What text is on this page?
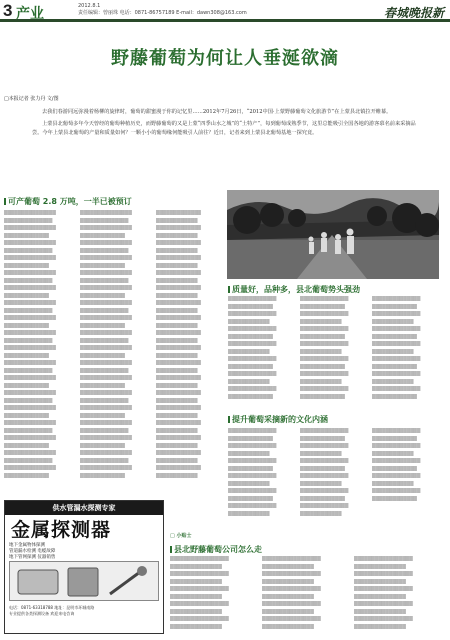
3 产业	2012.8.1
责任编辑：曾丽珠 电话：0871-86757189 E-mail：dawn308@163.com	春城晚报新
野藤葡萄为何让人垂涎欲滴
□本报记者 张力丹 文/图

去我们春游同远弥漫着杨柳的旋律时，葡萄的甜蜜漫于你的记忆里……2012年7月26日，“2012中国·上蒙野藤葡萄文化旅游节”在上蒙县北镇拉开帷幕。

上蒙县北葡萄多年今天曾经的葡萄种植历史，而野藤葡萄的又是上蒙“四季山水之城”的“土特产”，每到葡萄成熟季节，这里总能吸引全国各地的游客慕名前来采摘品尝。今年上蒙县北葡萄的产量和质量如何？一颗小小的葡萄缘何能吸引人前往？近日，记者来到上蒙县北葡萄基地一探究竟。

可产葡萄 2.8 万吨，一半已被预订
▒▒▒▒▒▒▒▒▒▒▒▒▒▒▒ ▒▒▒▒▒▒▒▒▒▒▒▒▒▒ ▒▒▒▒▒▒▒▒▒▒▒▒▒▒▒ ▒▒▒▒▒▒▒▒▒▒▒▒▒ ▒▒▒▒▒▒▒▒▒▒▒▒▒▒▒ ▒▒▒▒▒▒▒▒▒▒▒▒▒▒ ▒▒▒▒▒▒▒▒▒▒▒▒▒▒▒ ▒▒▒▒▒▒▒▒▒▒▒▒▒ ▒▒▒▒▒▒▒▒▒▒▒▒▒▒▒ ▒▒▒▒▒▒▒▒▒▒▒▒▒▒ ▒▒▒▒▒▒▒▒▒▒▒▒▒▒▒ ▒▒▒▒▒▒▒▒▒▒▒▒▒ ▒▒▒▒▒▒▒▒▒▒▒▒▒▒▒ ▒▒▒▒▒▒▒▒▒▒▒▒▒▒ ▒▒▒▒▒▒▒▒▒▒▒▒▒▒▒ ▒▒▒▒▒▒▒▒▒▒▒▒▒ ▒▒▒▒▒▒▒▒▒▒▒▒▒▒▒ ▒▒▒▒▒▒▒▒▒▒▒▒▒▒ ▒▒▒▒▒▒▒▒▒▒▒▒▒▒▒ ▒▒▒▒▒▒▒▒▒▒▒▒▒ ▒▒▒▒▒▒▒▒▒▒▒▒▒▒▒ ▒▒▒▒▒▒▒▒▒▒▒▒▒▒ ▒▒▒▒▒▒▒▒▒▒▒▒▒▒▒ ▒▒▒▒▒▒▒▒▒▒▒▒▒ ▒▒▒▒▒▒▒▒▒▒▒▒▒▒▒ ▒▒▒▒▒▒▒▒▒▒▒▒▒▒ ▒▒▒▒▒▒▒▒▒▒▒▒▒▒▒ ▒▒▒▒▒▒▒▒▒▒▒▒▒ ▒▒▒▒▒▒▒▒▒▒▒▒▒▒▒ ▒▒▒▒▒▒▒▒▒▒▒▒▒▒ ▒▒▒▒▒▒▒▒▒▒▒▒▒▒▒ ▒▒▒▒▒▒▒▒▒▒▒▒▒ ▒▒▒▒▒▒▒▒▒▒▒▒▒▒▒ ▒▒▒▒▒▒▒▒▒▒▒▒▒▒ ▒▒▒▒▒▒▒▒▒▒▒▒▒▒▒ ▒▒▒▒▒▒▒▒▒▒▒▒▒
▒▒▒▒▒▒▒▒▒▒▒▒▒▒▒ ▒▒▒▒▒▒▒▒▒▒▒▒▒▒ ▒▒▒▒▒▒▒▒▒▒▒▒▒▒▒ ▒▒▒▒▒▒▒▒▒▒▒▒▒ ▒▒▒▒▒▒▒▒▒▒▒▒▒▒▒ ▒▒▒▒▒▒▒▒▒▒▒▒▒▒ ▒▒▒▒▒▒▒▒▒▒▒▒▒▒▒ ▒▒▒▒▒▒▒▒▒▒▒▒▒ ▒▒▒▒▒▒▒▒▒▒▒▒▒▒▒ ▒▒▒▒▒▒▒▒▒▒▒▒▒▒ ▒▒▒▒▒▒▒▒▒▒▒▒▒▒▒ ▒▒▒▒▒▒▒▒▒▒▒▒▒ ▒▒▒▒▒▒▒▒▒▒▒▒▒▒▒ ▒▒▒▒▒▒▒▒▒▒▒▒▒▒ ▒▒▒▒▒▒▒▒▒▒▒▒▒▒▒ ▒▒▒▒▒▒▒▒▒▒▒▒▒ ▒▒▒▒▒▒▒▒▒▒▒▒▒▒▒ ▒▒▒▒▒▒▒▒▒▒▒▒▒▒ ▒▒▒▒▒▒▒▒▒▒▒▒▒▒▒ ▒▒▒▒▒▒▒▒▒▒▒▒▒ ▒▒▒▒▒▒▒▒▒▒▒▒▒▒▒ ▒▒▒▒▒▒▒▒▒▒▒▒▒▒ ▒▒▒▒▒▒▒▒▒▒▒▒▒▒▒ ▒▒▒▒▒▒▒▒▒▒▒▒▒ ▒▒▒▒▒▒▒▒▒▒▒▒▒▒▒ ▒▒▒▒▒▒▒▒▒▒▒▒▒▒ ▒▒▒▒▒▒▒▒▒▒▒▒▒▒▒ ▒▒▒▒▒▒▒▒▒▒▒▒▒ ▒▒▒▒▒▒▒▒▒▒▒▒▒▒▒ ▒▒▒▒▒▒▒▒▒▒▒▒▒▒ ▒▒▒▒▒▒▒▒▒▒▒▒▒▒▒ ▒▒▒▒▒▒▒▒▒▒▒▒▒ ▒▒▒▒▒▒▒▒▒▒▒▒▒▒▒ ▒▒▒▒▒▒▒▒▒▒▒▒▒▒ ▒▒▒▒▒▒▒▒▒▒▒▒▒▒▒ ▒▒▒▒▒▒▒▒▒▒▒▒▒
▒▒▒▒▒▒▒▒▒▒▒▒▒ ▒▒▒▒▒▒▒▒▒▒▒▒ ▒▒▒▒▒▒▒▒▒▒▒▒▒ ▒▒▒▒▒▒▒▒▒▒▒▒ ▒▒▒▒▒▒▒▒▒▒▒▒▒ ▒▒▒▒▒▒▒▒▒▒▒▒ ▒▒▒▒▒▒▒▒▒▒▒▒▒ ▒▒▒▒▒▒▒▒▒▒▒▒ ▒▒▒▒▒▒▒▒▒▒▒▒▒ ▒▒▒▒▒▒▒▒▒▒▒▒ ▒▒▒▒▒▒▒▒▒▒▒▒▒ ▒▒▒▒▒▒▒▒▒▒▒▒ ▒▒▒▒▒▒▒▒▒▒▒▒▒ ▒▒▒▒▒▒▒▒▒▒▒▒ ▒▒▒▒▒▒▒▒▒▒▒▒▒ ▒▒▒▒▒▒▒▒▒▒▒▒ ▒▒▒▒▒▒▒▒▒▒▒▒▒ ▒▒▒▒▒▒▒▒▒▒▒▒ ▒▒▒▒▒▒▒▒▒▒▒▒▒ ▒▒▒▒▒▒▒▒▒▒▒▒ ▒▒▒▒▒▒▒▒▒▒▒▒▒ ▒▒▒▒▒▒▒▒▒▒▒▒ ▒▒▒▒▒▒▒▒▒▒▒▒▒ ▒▒▒▒▒▒▒▒▒▒▒▒ ▒▒▒▒▒▒▒▒▒▒▒▒▒ ▒▒▒▒▒▒▒▒▒▒▒▒ ▒▒▒▒▒▒▒▒▒▒▒▒▒ ▒▒▒▒▒▒▒▒▒▒▒▒ ▒▒▒▒▒▒▒▒▒▒▒▒▒ ▒▒▒▒▒▒▒▒▒▒▒▒ ▒▒▒▒▒▒▒▒▒▒▒▒▒ ▒▒▒▒▒▒▒▒▒▒▒▒ ▒▒▒▒▒▒▒▒▒▒▒▒▒ ▒▒▒▒▒▒▒▒▒▒▒▒ ▒▒▒▒▒▒▒▒▒▒▒▒▒ ▒▒▒▒▒▒▒▒▒▒▒▒
质量好，品种多，县北葡萄势头强劲
▒▒▒▒▒▒▒▒▒▒▒▒▒▒ ▒▒▒▒▒▒▒▒▒▒▒▒▒ ▒▒▒▒▒▒▒▒▒▒▒▒▒▒ ▒▒▒▒▒▒▒▒▒▒▒▒ ▒▒▒▒▒▒▒▒▒▒▒▒▒▒ ▒▒▒▒▒▒▒▒▒▒▒▒▒ ▒▒▒▒▒▒▒▒▒▒▒▒▒▒ ▒▒▒▒▒▒▒▒▒▒▒▒ ▒▒▒▒▒▒▒▒▒▒▒▒▒▒ ▒▒▒▒▒▒▒▒▒▒▒▒▒ ▒▒▒▒▒▒▒▒▒▒▒▒▒▒ ▒▒▒▒▒▒▒▒▒▒▒▒ ▒▒▒▒▒▒▒▒▒▒▒▒▒▒ ▒▒▒▒▒▒▒▒▒▒▒▒▒
▒▒▒▒▒▒▒▒▒▒▒▒▒▒ ▒▒▒▒▒▒▒▒▒▒▒▒▒ ▒▒▒▒▒▒▒▒▒▒▒▒▒▒ ▒▒▒▒▒▒▒▒▒▒▒▒ ▒▒▒▒▒▒▒▒▒▒▒▒▒▒ ▒▒▒▒▒▒▒▒▒▒▒▒▒ ▒▒▒▒▒▒▒▒▒▒▒▒▒▒ ▒▒▒▒▒▒▒▒▒▒▒▒ ▒▒▒▒▒▒▒▒▒▒▒▒▒▒ ▒▒▒▒▒▒▒▒▒▒▒▒▒ ▒▒▒▒▒▒▒▒▒▒▒▒▒▒ ▒▒▒▒▒▒▒▒▒▒▒▒ ▒▒▒▒▒▒▒▒▒▒▒▒▒▒ ▒▒▒▒▒▒▒▒▒▒▒▒▒
▒▒▒▒▒▒▒▒▒▒▒▒▒▒ ▒▒▒▒▒▒▒▒▒▒▒▒▒ ▒▒▒▒▒▒▒▒▒▒▒▒▒▒ ▒▒▒▒▒▒▒▒▒▒▒▒ ▒▒▒▒▒▒▒▒▒▒▒▒▒▒ ▒▒▒▒▒▒▒▒▒▒▒▒▒ ▒▒▒▒▒▒▒▒▒▒▒▒▒▒ ▒▒▒▒▒▒▒▒▒▒▒▒ ▒▒▒▒▒▒▒▒▒▒▒▒▒▒ ▒▒▒▒▒▒▒▒▒▒▒▒▒ ▒▒▒▒▒▒▒▒▒▒▒▒▒▒ ▒▒▒▒▒▒▒▒▒▒▒▒ ▒▒▒▒▒▒▒▒▒▒▒▒▒▒ ▒▒▒▒▒▒▒▒▒▒▒▒▒
提升葡萄采摘新的文化内涵
▒▒▒▒▒▒▒▒▒▒▒▒▒▒ ▒▒▒▒▒▒▒▒▒▒▒▒▒ ▒▒▒▒▒▒▒▒▒▒▒▒▒▒ ▒▒▒▒▒▒▒▒▒▒▒▒ ▒▒▒▒▒▒▒▒▒▒▒▒▒▒ ▒▒▒▒▒▒▒▒▒▒▒▒▒ ▒▒▒▒▒▒▒▒▒▒▒▒▒▒ ▒▒▒▒▒▒▒▒▒▒▒▒ ▒▒▒▒▒▒▒▒▒▒▒▒▒▒ ▒▒▒▒▒▒▒▒▒▒▒▒▒ ▒▒▒▒▒▒▒▒▒▒▒▒▒▒ ▒▒▒▒▒▒▒▒▒▒▒▒
▒▒▒▒▒▒▒▒▒▒▒▒▒▒ ▒▒▒▒▒▒▒▒▒▒▒▒▒ ▒▒▒▒▒▒▒▒▒▒▒▒▒▒ ▒▒▒▒▒▒▒▒▒▒▒▒ ▒▒▒▒▒▒▒▒▒▒▒▒▒▒ ▒▒▒▒▒▒▒▒▒▒▒▒▒ ▒▒▒▒▒▒▒▒▒▒▒▒▒▒ ▒▒▒▒▒▒▒▒▒▒▒▒ ▒▒▒▒▒▒▒▒▒▒▒▒▒▒ ▒▒▒▒▒▒▒▒▒▒▒▒▒ ▒▒▒▒▒▒▒▒▒▒▒▒▒▒ ▒▒▒▒▒▒▒▒▒▒▒▒
▒▒▒▒▒▒▒▒▒▒▒▒▒▒ ▒▒▒▒▒▒▒▒▒▒▒▒▒ ▒▒▒▒▒▒▒▒▒▒▒▒▒▒ ▒▒▒▒▒▒▒▒▒▒▒▒ ▒▒▒▒▒▒▒▒▒▒▒▒▒▒ ▒▒▒▒▒▒▒▒▒▒▒▒▒ ▒▒▒▒▒▒▒▒▒▒▒▒▒▒ ▒▒▒▒▒▒▒▒▒▒▒▒ ▒▒▒▒▒▒▒▒▒▒▒▒▒▒ ▒▒▒▒▒▒▒▒▒▒▒▒▒
□ 小贴士
县北野藤葡萄公司怎么走
▒▒▒▒▒▒▒▒▒▒▒▒▒▒▒▒▒ ▒▒▒▒▒▒▒▒▒▒▒▒▒▒▒ ▒▒▒▒▒▒▒▒▒▒▒▒▒▒▒▒▒ ▒▒▒▒▒▒▒▒▒▒▒▒▒▒▒ ▒▒▒▒▒▒▒▒▒▒▒▒▒▒▒▒▒ ▒▒▒▒▒▒▒▒▒▒▒▒▒▒▒ ▒▒▒▒▒▒▒▒▒▒▒▒▒▒▒▒▒ ▒▒▒▒▒▒▒▒▒▒▒▒▒▒▒ ▒▒▒▒▒▒▒▒▒▒▒▒▒▒▒▒▒ ▒▒▒▒▒▒▒▒▒▒▒▒▒▒▒
▒▒▒▒▒▒▒▒▒▒▒▒▒▒▒▒▒ ▒▒▒▒▒▒▒▒▒▒▒▒▒▒▒ ▒▒▒▒▒▒▒▒▒▒▒▒▒▒▒▒▒ ▒▒▒▒▒▒▒▒▒▒▒▒▒▒▒ ▒▒▒▒▒▒▒▒▒▒▒▒▒▒▒▒▒ ▒▒▒▒▒▒▒▒▒▒▒▒▒▒▒ ▒▒▒▒▒▒▒▒▒▒▒▒▒▒▒▒▒ ▒▒▒▒▒▒▒▒▒▒▒▒▒▒▒ ▒▒▒▒▒▒▒▒▒▒▒▒▒▒▒▒▒ ▒▒▒▒▒▒▒▒▒▒▒▒▒▒▒
▒▒▒▒▒▒▒▒▒▒▒▒▒▒▒▒▒ ▒▒▒▒▒▒▒▒▒▒▒▒▒▒▒ ▒▒▒▒▒▒▒▒▒▒▒▒▒▒▒▒▒ ▒▒▒▒▒▒▒▒▒▒▒▒▒▒▒ ▒▒▒▒▒▒▒▒▒▒▒▒▒▒▒▒▒ ▒▒▒▒▒▒▒▒▒▒▒▒▒▒▒ ▒▒▒▒▒▒▒▒▒▒▒▒▒▒▒▒▒ ▒▒▒▒▒▒▒▒▒▒▒▒▒▒▒ ▒▒▒▒▒▒▒▒▒▒▒▒▒▒▒▒▒ ▒▒▒▒▒▒▒▒▒▒▒▒▒▒▒
供水管漏水探测专家
金属探测器
地下金属物体探测
管道漏水检测 电缆故障
地下管网探测 仪器销售
电话：0871-63318788 地址：昆明市环城南路
专业提供各类探测设备 欢迎来电咨询
